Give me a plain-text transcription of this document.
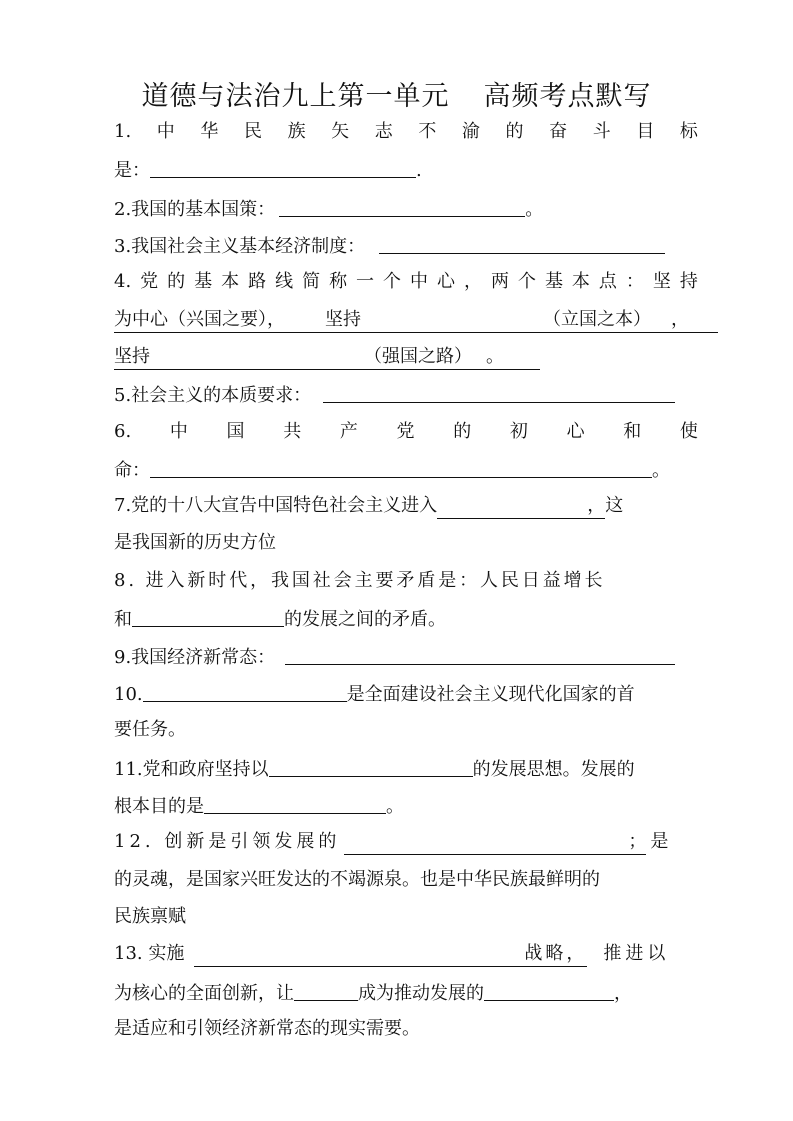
道德与法治九上第一单元 高频考点默写
1. 中 华 民 族 矢 志 不 渝 的 奋 斗 目 标
是：	.
2.我国的基本国策：	。
3.我国社会主义基本经济制度：
4. 党 的 基 本 路 线 简 称 一 个 中 心 ， 两 个 基 本 点 ： 坚 持
为中心（兴国之要）， 坚持	（立国之本） ，
坚持	（强国之路） 。
5.社会主义的本质要求：
6. 中 国 共 产 党 的 初 心 和 使
命：	。
7.党的十八大宣告中国特色社会主义进入	，这
是我国新的历史方位
8. 进入新时代，我国社会主要矛盾是：人民日益增长
和	的发展之间的矛盾。
9.我国经济新常态：
10.	是全面建设社会主义现代化国家的首
要任务。
11.党和政府坚持以	的发展思想。发展的
根本目的是	。
12. 创新是引领发展的	； 是
的灵魂，是国家兴旺发达的不竭源泉。也是中华民族最鲜明的
民族禀赋
13. 实施	战略， 推进以
为核心的全面创新，让	成为推动发展的	，
是适应和引领经济新常态的现实需要。
